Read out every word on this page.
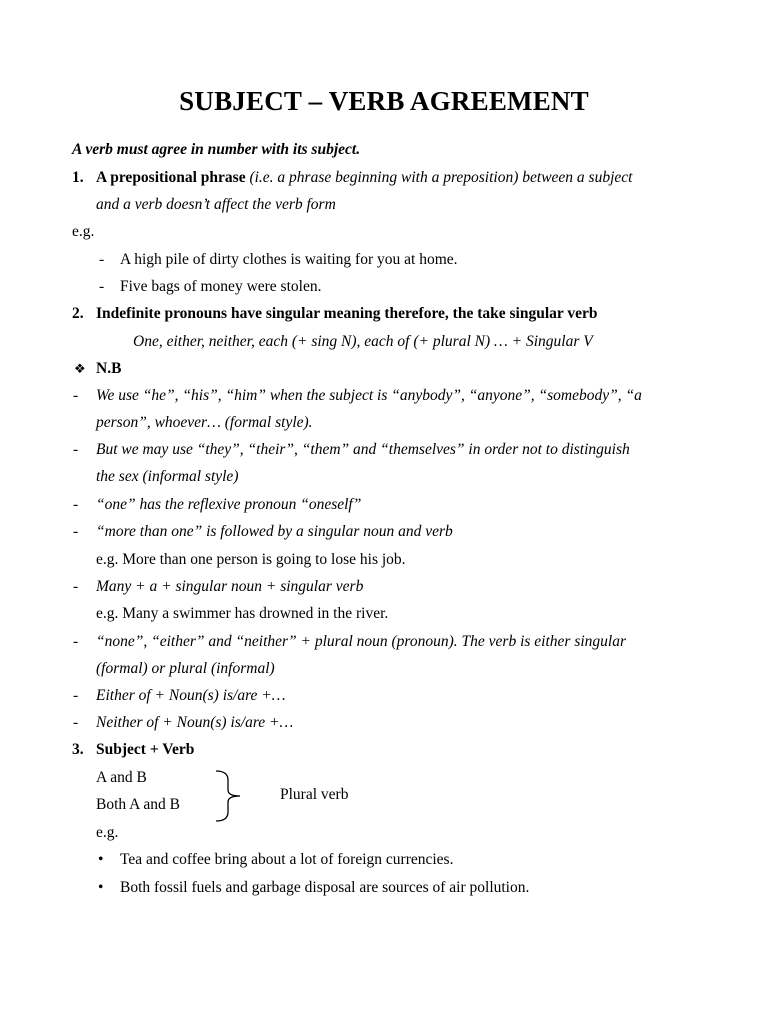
SUBJECT – VERB AGREEMENT
A verb must agree in number with its subject.
1. A prepositional phrase (i.e. a phrase beginning with a preposition) between a subject
and a verb doesn’t affect the verb form
e.g.
- A high pile of dirty clothes is waiting for you at home.
- Five bags of money were stolen.
2. Indefinite pronouns have singular meaning therefore, the take singular verb
One, either, neither, each (+ sing N), each of (+ plural N) … + Singular V
❖ N.B
- We use “he”, “his”, “him” when the subject is “anybody”, “anyone”, “somebody”, “a
person”, whoever… (formal style).
- But we may use “they”, “their”, “them” and “themselves” in order not to distinguish
the sex (informal style)
- “one” has the reflexive pronoun “oneself”
- “more than one” is followed by a singular noun and verb
e.g. More than one person is going to lose his job.
- Many + a + singular noun + singular verb
e.g. Many a swimmer has drowned in the river.
- “none”, “either” and “neither” + plural noun (pronoun). The verb is either singular
(formal) or plural (informal)
- Either of + Noun(s) is/are +…
- Neither of + Noun(s) is/are +…
3. Subject + Verb
A and B
Both A and B
Plural verb
e.g.
• Tea and coffee bring about a lot of foreign currencies.
• Both fossil fuels and garbage disposal are sources of air pollution.
